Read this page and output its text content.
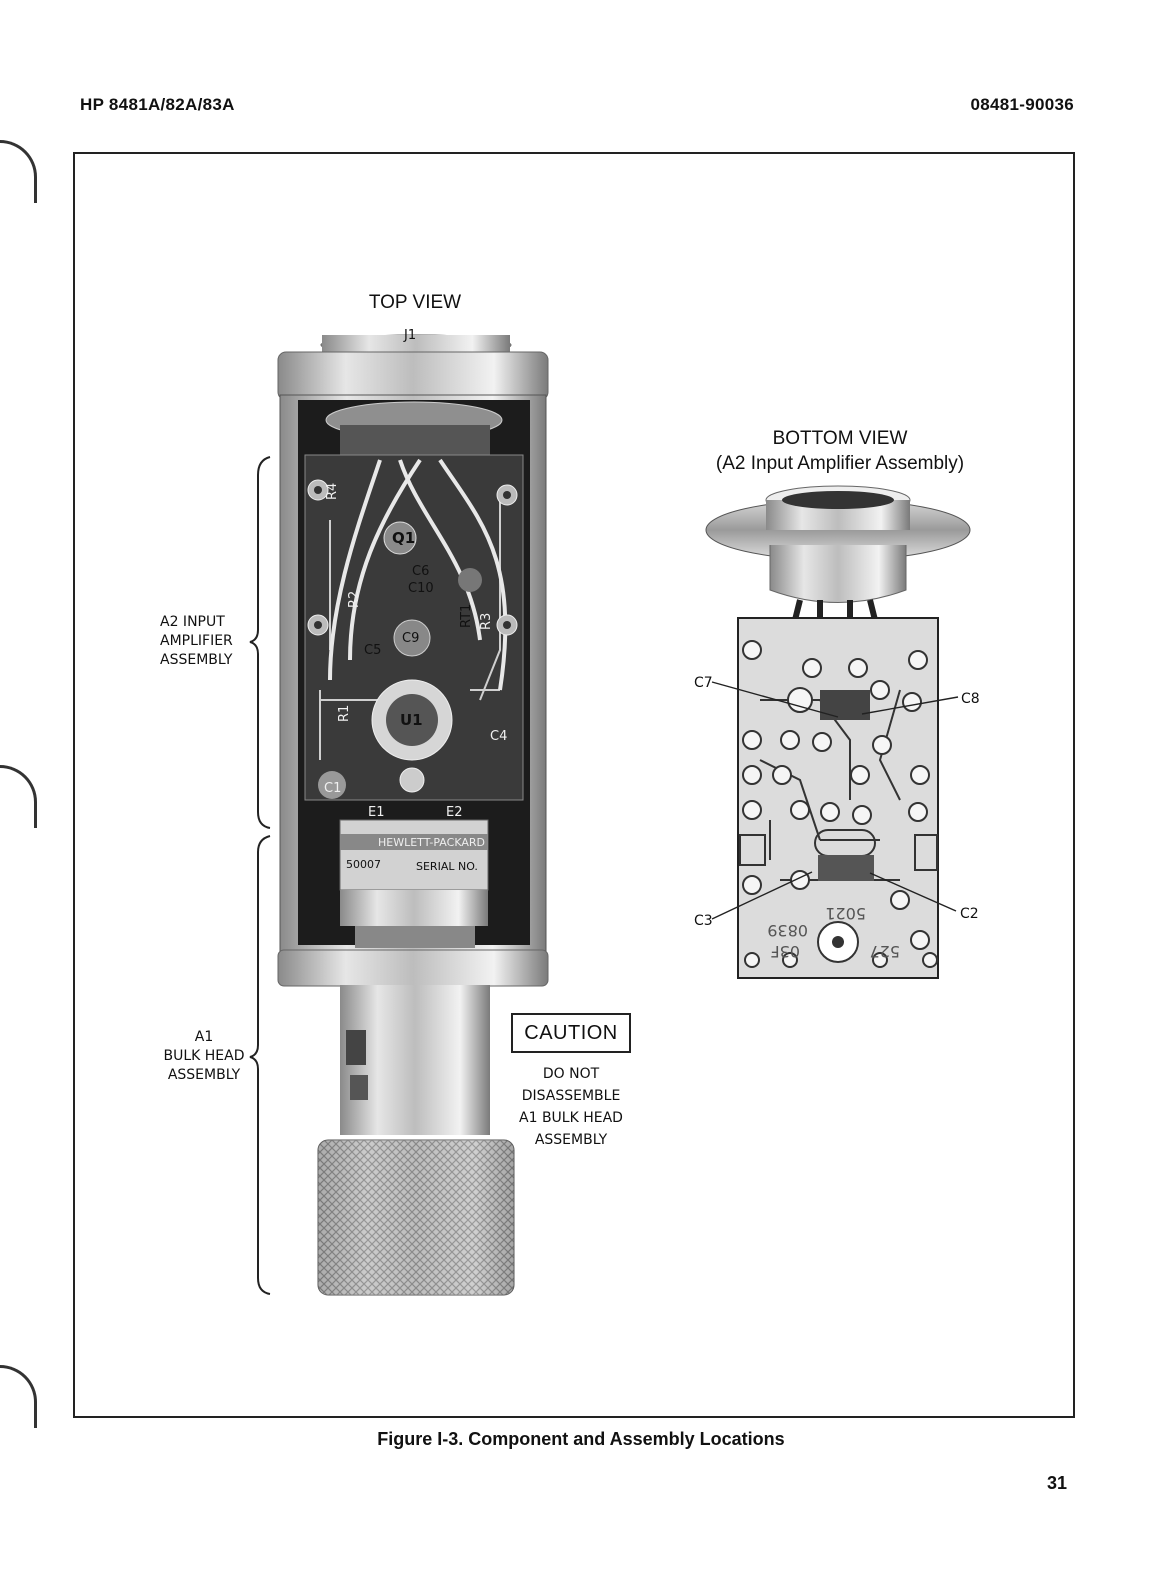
HP 8481A/82A/83A	08481-90036
TOP VIEW
BOTTOM VIEW
(A2 Input Amplifier Assembly)
A2 INPUT
AMPLIFIER
ASSEMBLY
A1
BULK HEAD
ASSEMBLY
J1
R4
Q1
C6
C10
R2
RT1 R3
C9
C5
R1	U1
C4
C1
E1	E2
HEWLETT-PACKARD
50007	SERIAL NO.
5021
0839
03F	527
C7
C8
C3	C2
CAUTION
DO NOT
DISASSEMBLE
A1 BULK HEAD
ASSEMBLY
Figure I-3. Component and Assembly Locations
31
